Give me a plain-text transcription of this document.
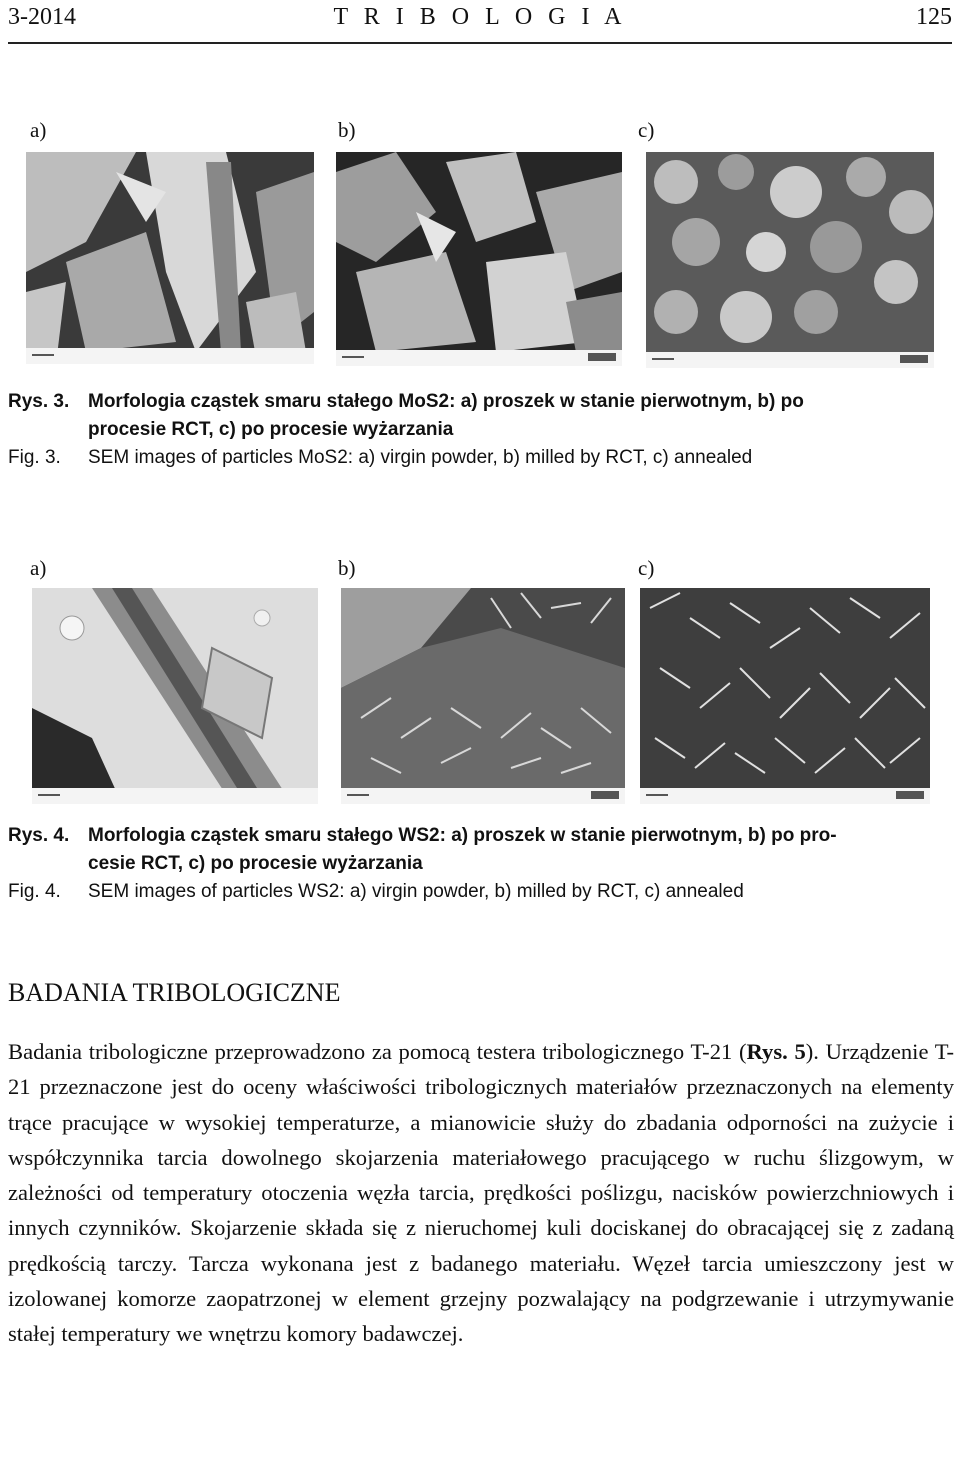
3-2014	T R I B O L O G I A	125
a)	b)	c)
Rys. 3. Morfologia cząstek smaru stałego MoS2: a) proszek w stanie pierwotnym, b) po
procesie RCT, c) po procesie wyżarzania
Fig. 3. SEM images of particles MoS2: a) virgin powder, b) milled by RCT, c) annealed
a)	b)	c)
Rys. 4. Morfologia cząstek smaru stałego WS2: a) proszek w stanie pierwotnym, b) po pro-
cesie RCT, c) po procesie wyżarzania
Fig. 4. SEM images of particles WS2: a) virgin powder, b) milled by RCT, c) annealed
BADANIA TRIBOLOGICZNE

Badania tribologiczne przeprowadzono za pomocą testera tribologicznego T-21 (Rys. 5). Urządzenie T-21 przeznaczone jest do oceny właściwości tribologicznych materiałów przeznaczonych na elementy trące pracujące w wysokiej temperaturze, a mianowicie służy do zbadania odporności na zużycie i współczynnika tarcia dowolnego skojarzenia materiałowego pracującego w ruchu ślizgowym, w zależności od temperatury otoczenia węzła tarcia, prędkości poślizgu, nacisków powierzchniowych i innych czynników. Skojarzenie składa się z nieruchomej kuli dociskanej do obracającej się z zadaną prędkością tarczy. Tarcza wykonana jest z badanego materiału. Węzeł tarcia umieszczony jest w izolowanej komorze zaopatrzonej w element grzejny pozwalający na podgrzewanie i utrzymywanie stałej temperatury we wnętrzu komory badawczej.
